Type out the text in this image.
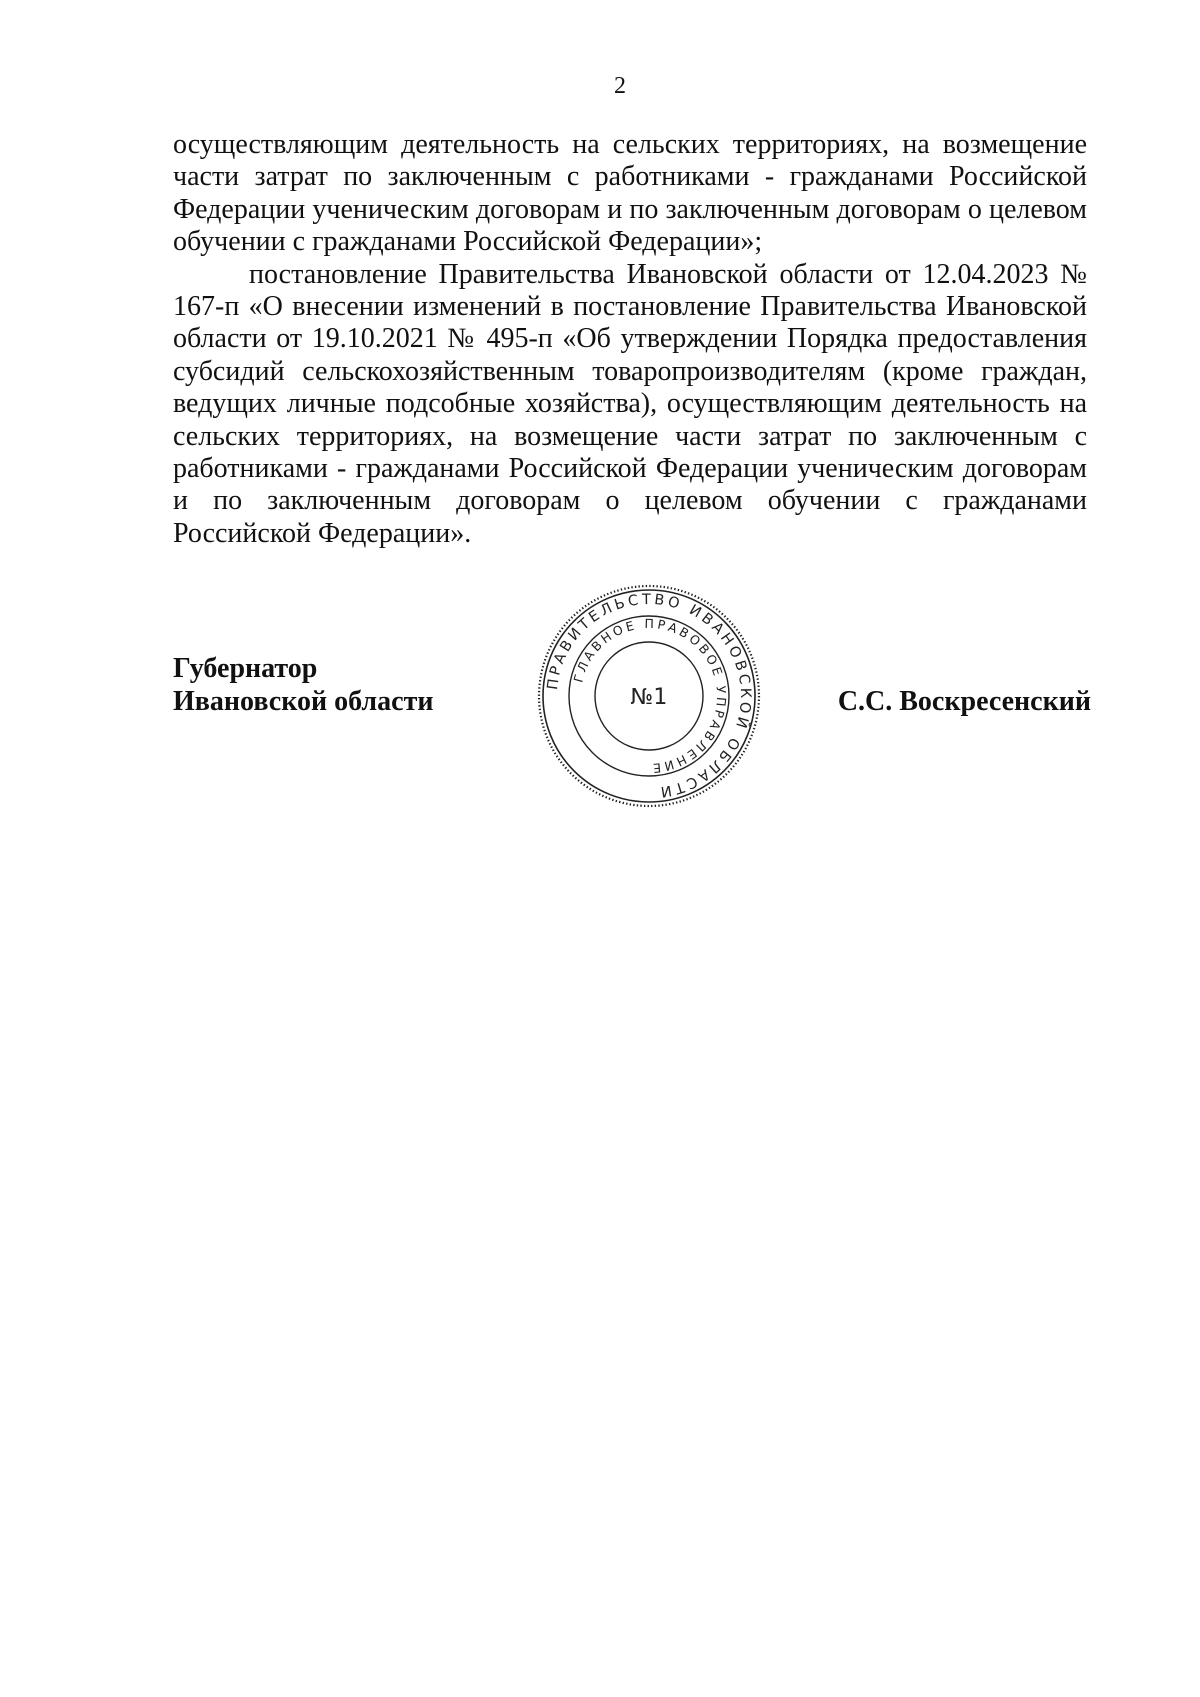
2

осуществляющим деятельность на сельских территориях, на возмещение части затрат по заключенным с работниками - гражданами Российской Федерации ученическим договорам и по заключенным договорам о целевом обучении с гражданами Российской Федерации»;

постановление Правительства Ивановской области от 12.04.2023 № 167-п «О внесении изменений в постановление Правительства Ивановской области от 19.10.2021 № 495-п «Об утверждении Порядка предоставления субсидий сельскохозяйственным товаропроизводителям (кроме граждан, ведущих личные подсобные хозяйства), осуществляющим деятельность на сельских территориях, на возмещение части затрат по заключенным с работниками - гражданами Российской Федерации ученическим договорам и по заключенным договорам о целевом обучении с гражданами Российской Федерации».

Губернатор
Ивановской области	С.С. Воскресенский
ПРАВИТЕЛЬСТВО ИВАНОВСКОЙ ОБЛАСТИ
ГЛАВНОЕ ПРАВОВОЕ УПРАВЛЕНИЕ
№1
